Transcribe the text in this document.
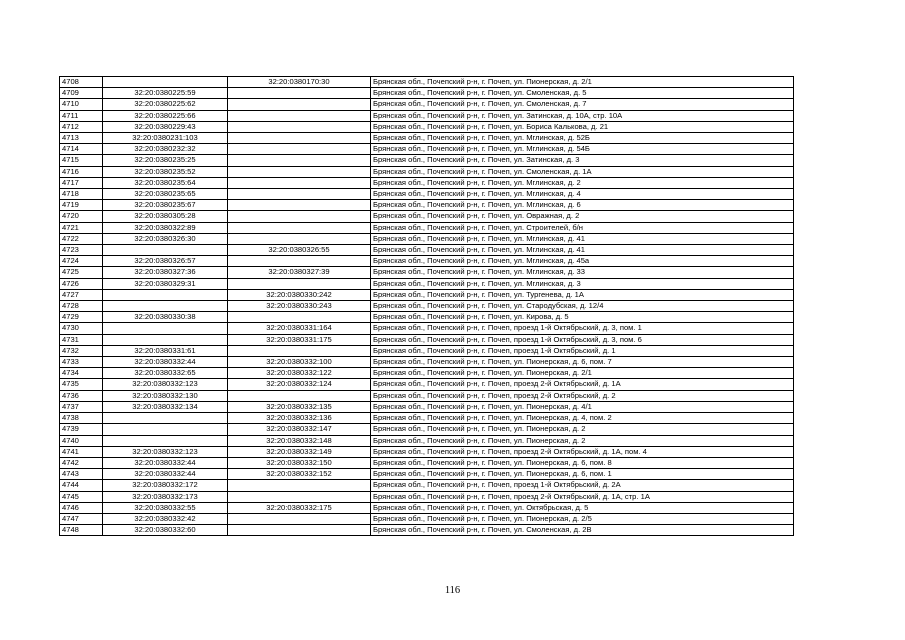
4708		32:20:0380170:30	Брянская обл., Почепский р-н, г. Почеп, ул. Пионерская, д. 2/1
4709	32:20:0380225:59		Брянская обл., Почепский р-н, г. Почеп, ул. Смоленская, д. 5
4710	32:20:0380225:62		Брянская обл., Почепский р-н, г. Почеп, ул. Смоленская, д. 7
4711	32:20:0380225:66		Брянская обл., Почепский р-н, г. Почеп, ул. Затинская, д. 10А, стр. 10А
4712	32:20:0380229:43		Брянская обл., Почепский р-н, г. Почеп, ул. Бориса Калькова, д. 21
4713	32:20:0380231:103		Брянская обл., Почепский р-н, г. Почеп, ул. Мглинская, д. 52Б
4714	32:20:0380232:32		Брянская обл., Почепский р-н, г. Почеп, ул. Мглинская, д. 54Б
4715	32:20:0380235:25		Брянская обл., Почепский р-н, г. Почеп, ул. Затинская, д. 3
4716	32:20:0380235:52		Брянская обл., Почепский р-н, г. Почеп, ул. Смоленская, д. 1А
4717	32:20:0380235:64		Брянская обл., Почепский р-н, г. Почеп, ул. Мглинская, д. 2
4718	32:20:0380235:65		Брянская обл., Почепский р-н, г. Почеп, ул. Мглинская, д. 4
4719	32:20:0380235:67		Брянская обл., Почепский р-н, г. Почеп, ул. Мглинская, д. 6
4720	32:20:0380305:28		Брянская обл., Почепский р-н, г. Почеп, ул. Овражная, д. 2
4721	32:20:0380322:89		Брянская обл., Почепский р-н, г. Почеп, ул. Строителей, б/н
4722	32:20:0380326:30		Брянская обл., Почепский р-н, г. Почеп, ул. Мглинская, д. 41
4723		32:20:0380326:55	Брянская обл., Почепский р-н, г. Почеп, ул. Мглинская, д. 41
4724	32:20:0380326:57		Брянская обл., Почепский р-н, г. Почеп, ул. Мглинская, д. 45а
4725	32:20:0380327:36	32:20:0380327:39	Брянская обл., Почепский р-н, г. Почеп, ул. Мглинская, д. 33
4726	32:20:0380329:31		Брянская обл., Почепский р-н, г. Почеп, ул. Мглинская, д. 3
4727		32:20:0380330:242	Брянская обл., Почепский р-н, г. Почеп, ул. Тургенева, д. 1А
4728		32:20:0380330:243	Брянская обл., Почепский р-н, г. Почеп, ул. Стародубская, д. 12/4
4729	32:20:0380330:38		Брянская обл., Почепский р-н, г. Почеп, ул. Кирова, д. 5
4730		32:20:0380331:164	Брянская обл., Почепский р-н, г. Почеп, проезд 1-й Октябрьский, д. 3, пом. 1
4731		32:20:0380331:175	Брянская обл., Почепский р-н, г. Почеп, проезд 1-й Октябрьский, д. 3, пом. 6
4732	32:20:0380331:61		Брянская обл., Почепский р-н, г. Почеп, проезд 1-й Октябрьский, д. 1
4733	32:20:0380332:44	32:20:0380332:100	Брянская обл., Почепский р-н, г. Почеп, ул. Пионерская, д. 6, пом. 7
4734	32:20:0380332:65	32:20:0380332:122	Брянская обл., Почепский р-н, г. Почеп, ул. Пионерская, д. 2/1
4735	32:20:0380332:123	32:20:0380332:124	Брянская обл., Почепский р-н, г. Почеп, проезд 2-й Октябрьский, д. 1А
4736	32:20:0380332:130		Брянская обл., Почепский р-н, г. Почеп, проезд 2-й Октябрьский, д. 2
4737	32:20:0380332:134	32:20:0380332:135	Брянская обл., Почепский р-н, г. Почеп, ул. Пионерская, д. 4/1
4738		32:20:0380332:136	Брянская обл., Почепский р-н, г. Почеп, ул. Пионерская, д. 4, пом. 2
4739		32:20:0380332:147	Брянская обл., Почепский р-н, г. Почеп, ул. Пионерская, д. 2
4740		32:20:0380332:148	Брянская обл., Почепский р-н, г. Почеп, ул. Пионерская, д. 2
4741	32:20:0380332:123	32:20:0380332:149	Брянская обл., Почепский р-н, г. Почеп, проезд 2-й Октябрьский, д. 1А, пом. 4
4742	32:20:0380332:44	32:20:0380332:150	Брянская обл., Почепский р-н, г. Почеп, ул. Пионерская, д. 6, пом. 8
4743	32:20:0380332:44	32:20:0380332:152	Брянская обл., Почепский р-н, г. Почеп, ул. Пионерская, д. 6, пом. 1
4744	32:20:0380332:172		Брянская обл., Почепский р-н, г. Почеп, проезд 1-й Октябрьский, д. 2А
4745	32:20:0380332:173		Брянская обл., Почепский р-н, г. Почеп, проезд 2-й Октябрьский, д. 1А, стр. 1А
4746	32:20:0380332:55	32:20:0380332:175	Брянская обл., Почепский р-н, г. Почеп, ул. Октябрьская, д. 5
4747	32:20:0380332:42		Брянская обл., Почепский р-н, г. Почеп, ул. Пионерская, д. 2/5
4748	32:20:0380332:60		Брянская обл., Почепский р-н, г. Почеп, ул. Смоленская, д. 2В
116
